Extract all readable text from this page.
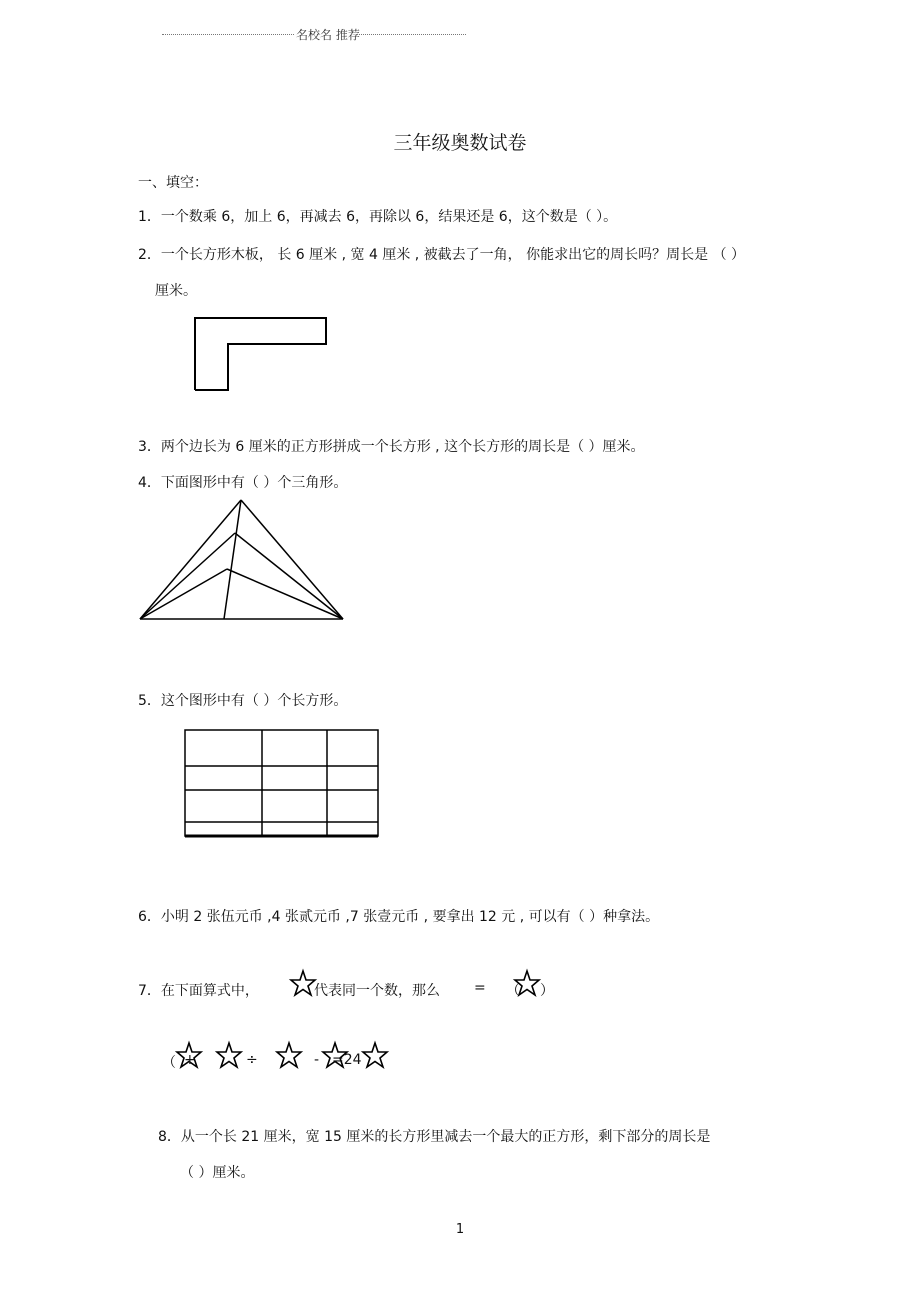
名校名 推荐
三年级奥数试卷
一、填空：
1．一个数乘 6，加上 6，再减去 6，再除以 6，结果还是 6，这个数是（ ）。
2．一个长方形木板， 长 6 厘米 , 宽 4 厘米 , 被截去了一角， 你能求出它的周长吗？周长是 （ ）
厘米。
3．两个边长为 6 厘米的正方形拼成一个长方形 , 这个长方形的周长是（ ）厘米。
4．下面图形中有（ ）个三角形。
5．这个图形中有（ ）个长方形。
6．小明 2 张伍元币 ,4 张贰元币 ,7 张壹元币 , 要拿出 12 元 , 可以有（ ）种拿法。
7．在下面算式中，	代表同一个数，那么 = （ ）
（ +	÷	- =24
8．从一个长 21 厘米，宽 15 厘米的长方形里减去一个最大的正方形，剩下部分的周长是
（ ）厘米。
1
